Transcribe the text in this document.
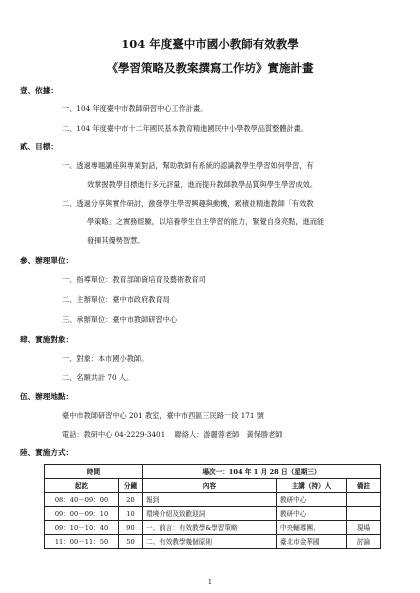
104 年度臺中市國小教師有效教學
《學習策略及教案撰寫工作坊》實施計畫
壹、依據：
一、104 年度臺中市教師研習中心工作計畫。
二、104 年度臺中市十二年國民基本教育精進國民中小學教學品質整體計畫。
貳、目標：
一、透過專題講座與專業對話，幫助教師有系統的認識教學生學習如何學習，有
效掌握教學目標進行多元評量，進而提升教師教學品質與學生學習成效。
二、透過分享與實作研討，激發學生學習興趣與動機，累積並精進教師「有效教
學策略」之實務經驗，以培養學生自主學習的能力，緊覺自身亮點，進而能
發揮其優勢智慧。
參、辦理單位：
一、指導單位：教育部師資培育及藝術教育司
二、主辦單位：臺中市政府教育局
三、承辦單位：臺中市教師研習中心
肆、實施對象：
一、對象：本市國小教師。
二、名額共計 70 人。
伍、辦理地點：
臺中市教師研習中心 201 教室，臺中市西區三民路一段 171 號
電話：教研中心 04-2229-3401　 聯絡人：游麗蓉老師　黃保勝老師
陸、實施方式：
時間		場次一：104 年 1 月 28 日（星期三）		
起訖	分鐘	內容	主講（持）人	備註
08：40－09：00	20	報到	教研中心	
09：00－09：10	10	環境介紹及致歡迎詞	教研中心	
09：10－10：40	90	一、前言：有效教學&學習策略	中央輔導團、	現場
11：00－11：50	50	二、有效教學幾個原則	臺北市金華國	討論
1
